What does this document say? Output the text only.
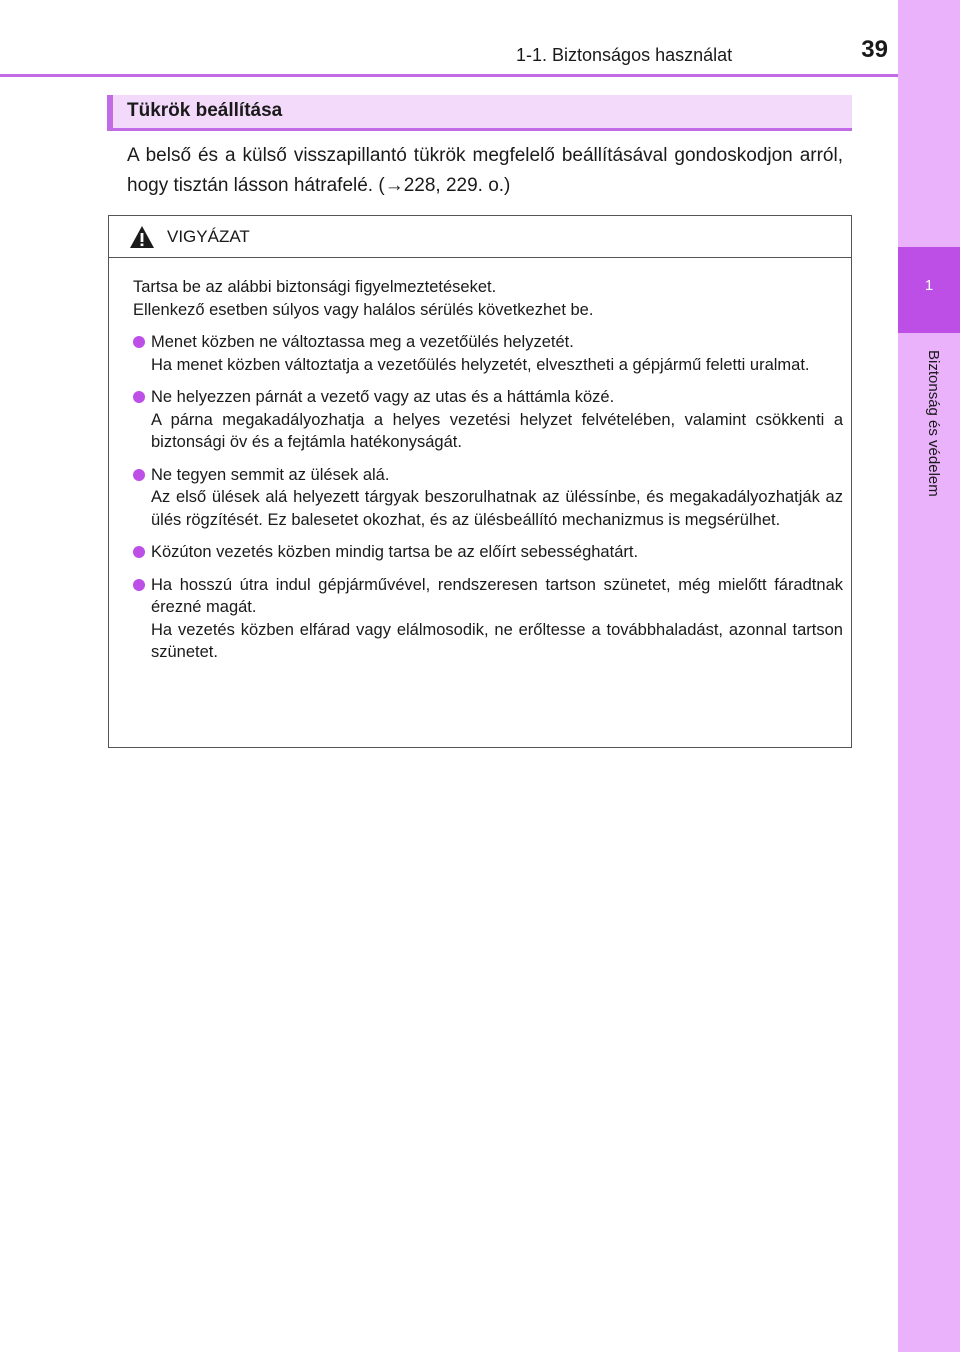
1
Biztonság és védelem
1-1. Biztonságos használat	39
Tükrök beállítása

A belső és a külső visszapillantó tükrök megfelelő beállításával gondoskodjon arról, hogy tisztán lásson hátrafelé. (→228, 229. o.)

VIGYÁZAT

Tartsa be az alábbi biztonsági figyelmeztetéseket.
Ellenkező esetben súlyos vagy halálos sérülés következhet be.

Menet közben ne változtassa meg a vezetőülés helyzetét.
Ha menet közben változtatja a vezetőülés helyzetét, elvesztheti a gépjármű feletti uralmat.
Ne helyezzen párnát a vezető vagy az utas és a háttámla közé.
A párna megakadályozhatja a helyes vezetési helyzet felvételében, valamint csökkenti a biztonsági öv és a fejtámla hatékonyságát.
Ne tegyen semmit az ülések alá.
Az első ülések alá helyezett tárgyak beszorulhatnak az üléssínbe, és megakadályozhatják az ülés rögzítését. Ez balesetet okozhat, és az ülésbeállító mechanizmus is megsérülhet.
Közúton vezetés közben mindig tartsa be az előírt sebességhatárt.
Ha hosszú útra indul gépjárművével, rendszeresen tartson szünetet, még mielőtt fáradtnak érezné magát.
Ha vezetés közben elfárad vagy elálmosodik, ne erőltesse a továbbhaladást, azonnal tartson szünetet.
